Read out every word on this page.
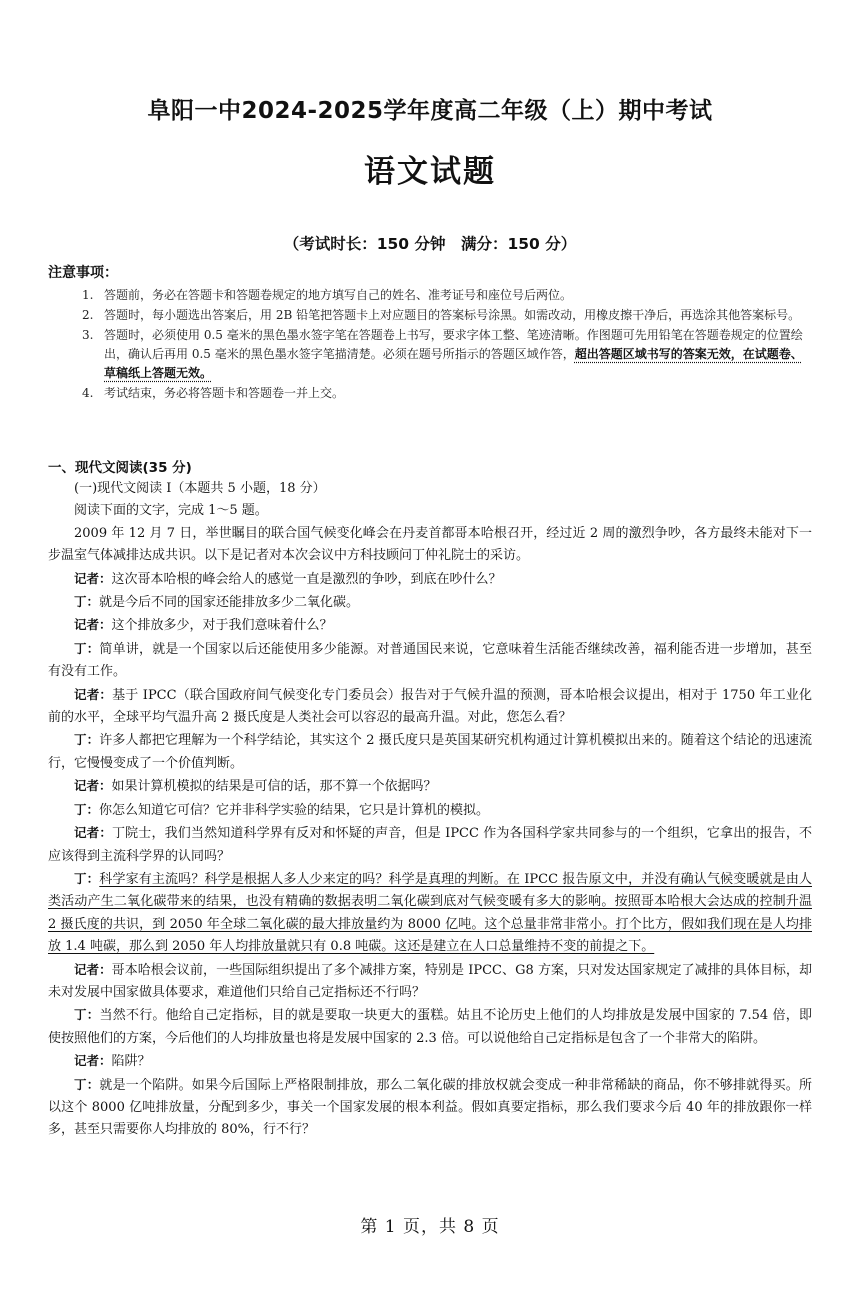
阜阳一中2024-2025学年度高二年级（上）期中考试
语文试题
（考试时长：150 分钟　满分：150 分）
注意事项：
1. 答题前，务必在答题卡和答题卷规定的地方填写自己的姓名、准考证号和座位号后两位。
2. 答题时，每小题选出答案后，用 2B 铅笔把答题卡上对应题目的答案标号涂黑。如需改动，用橡皮擦干净后，再选涂其他答案标号。
3. 答题时，必须使用 0.5 毫米的黑色墨水签字笔在答题卷上书写，要求字体工整、笔迹清晰。作图题可先用铅笔在答题卷规定的位置绘出，确认后再用 0.5 毫米的黑色墨水签字笔描清楚。必须在题号所指示的答题区域作答，超出答题区域书写的答案无效，在试题卷、草稿纸上答题无效。
4. 考试结束，务必将答题卡和答题卷一并上交。
一、现代文阅读(35 分)

(一)现代文阅读 I（本题共 5 小题，18 分）

阅读下面的文字，完成 1～5 题。

2009 年 12 月 7 日，举世瞩目的联合国气候变化峰会在丹麦首都哥本哈根召开，经过近 2 周的激烈争吵，各方最终未能对下一步温室气体减排达成共识。以下是记者对本次会议中方科技顾问丁仲礼院士的采访。

记者：这次哥本哈根的峰会给人的感觉一直是激烈的争吵，到底在吵什么？

丁：就是今后不同的国家还能排放多少二氧化碳。

记者：这个排放多少，对于我们意味着什么？

丁：简单讲，就是一个国家以后还能使用多少能源。对普通国民来说，它意味着生活能否继续改善，福利能否进一步增加，甚至有没有工作。

记者：基于 IPCC（联合国政府间气候变化专门委员会）报告对于气候升温的预测，哥本哈根会议提出，相对于 1750 年工业化前的水平，全球平均气温升高 2 摄氏度是人类社会可以容忍的最高升温。对此，您怎么看？

丁：许多人都把它理解为一个科学结论，其实这个 2 摄氏度只是英国某研究机构通过计算机模拟出来的。随着这个结论的迅速流行，它慢慢变成了一个价值判断。

记者：如果计算机模拟的结果是可信的话，那不算一个依据吗？

丁：你怎么知道它可信？它并非科学实验的结果，它只是计算机的模拟。

记者：丁院士，我们当然知道科学界有反对和怀疑的声音，但是 IPCC 作为各国科学家共同参与的一个组织，它拿出的报告，不应该得到主流科学界的认同吗？

丁：科学家有主流吗？科学是根据人多人少来定的吗？科学是真理的判断。在 IPCC 报告原文中，并没有确认气候变暖就是由人类活动产生二氧化碳带来的结果，也没有精确的数据表明二氧化碳到底对气候变暖有多大的影响。按照哥本哈根大会达成的控制升温 2 摄氏度的共识，到 2050 年全球二氧化碳的最大排放量约为 8000 亿吨。这个总量非常非常小。打个比方，假如我们现在是人均排放 1.4 吨碳，那么到 2050 年人均排放量就只有 0.8 吨碳。这还是建立在人口总量维持不变的前提之下。

记者：哥本哈根会议前，一些国际组织提出了多个减排方案，特别是 IPCC、G8 方案，只对发达国家规定了减排的具体目标，却未对发展中国家做具体要求，难道他们只给自己定指标还不行吗？

丁：当然不行。他给自己定指标，目的就是要取一块更大的蛋糕。姑且不论历史上他们的人均排放是发展中国家的 7.54 倍，即使按照他们的方案，今后他们的人均排放量也将是发展中国家的 2.3 倍。可以说他给自己定指标是包含了一个非常大的陷阱。

记者：陷阱？

丁：就是一个陷阱。如果今后国际上严格限制排放，那么二氧化碳的排放权就会变成一种非常稀缺的商品，你不够排就得买。所以这个 8000 亿吨排放量，分配到多少，事关一个国家发展的根本利益。假如真要定指标，那么我们要求今后 40 年的排放跟你一样多，甚至只需要你人均排放的 80%，行不行？

第 1 页，共 8 页
